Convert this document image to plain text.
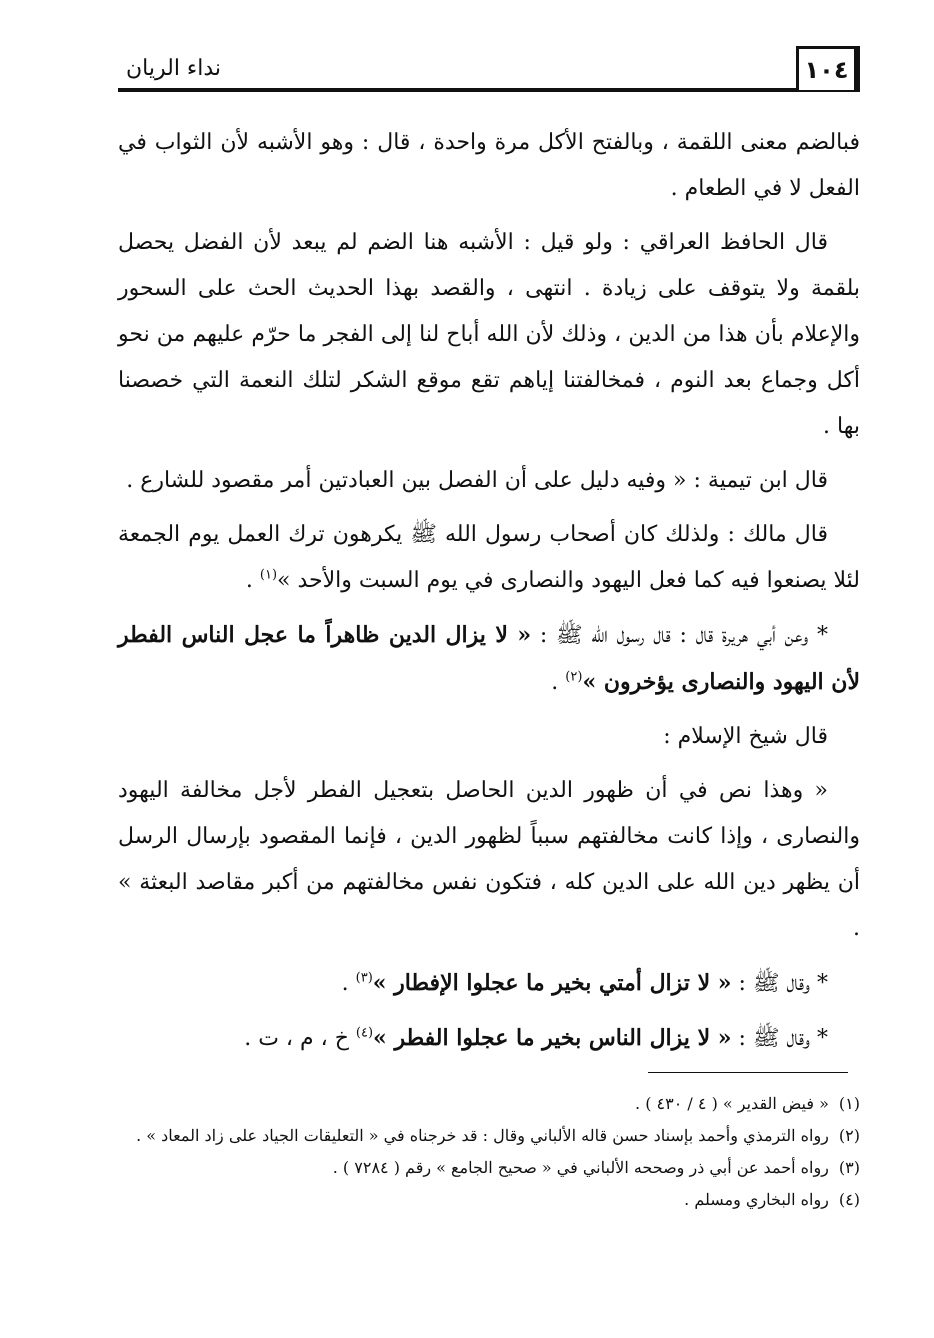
١٠٤
نداء الريان

فبالضم معنى اللقمة ، وبالفتح الأكل مرة واحدة ، قال : وهو الأشبه لأن الثواب في الفعل لا في الطعام .

قال الحافظ العراقي : ولو قيل : الأشبه هنا الضم لم يبعد لأن الفضل يحصل بلقمة ولا يتوقف على زيادة . انتهى ، والقصد بهذا الحديث الحث على السحور والإعلام بأن هذا من الدين ، وذلك لأن الله أباح لنا إلى الفجر ما حرّم عليهم من نحو أكل وجماع بعد النوم ، فمخالفتنا إياهم تقع موقع الشكر لتلك النعمة التي خصصنا بها .

قال ابن تيمية : « وفيه دليل على أن الفصل بين العبادتين أمر مقصود للشارع .

قال مالك : ولذلك كان أصحاب رسول الله ﷺ يكرهون ترك العمل يوم الجمعة لئلا يصنعوا فيه كما فعل اليهود والنصارى في يوم السبت والأحد »$^{(١)}$ .

* وعن أبي هريرة قال : قال رسول الله ﷺ : « لا يزال الدين ظاهراً ما عجل الناس الفطر لأن اليهود والنصارى يؤخرون »$^{(٢)}$ .

قال شيخ الإسلام :

« وهذا نص في أن ظهور الدين الحاصل بتعجيل الفطر لأجل مخالفة اليهود والنصارى ، وإذا كانت مخالفتهم سبباً لظهور الدين ، فإنما المقصود بإرسال الرسل أن يظهر دين الله على الدين كله ، فتكون نفس مخالفتهم من أكبر مقاصد البعثة » .

* وقال ﷺ : « لا تزال أمتي بخير ما عجلوا الإفطار »$^{(٣)}$ .

* وقال ﷺ : « لا يزال الناس بخير ما عجلوا الفطر »$^{(٤)}$ خ ، م ، ت .

(١)« فيض القدير » ( ٤ / ٤٣٠ ) .
(٢)رواه الترمذي وأحمد بإسناد حسن قاله الألباني وقال : قد خرجناه في « التعليقات الجياد على زاد المعاد » .
(٣)رواه أحمد عن أبي ذر وصححه الألباني في « صحيح الجامع » رقم ( ٧٢٨٤ ) .
(٤)رواه البخاري ومسلم .
